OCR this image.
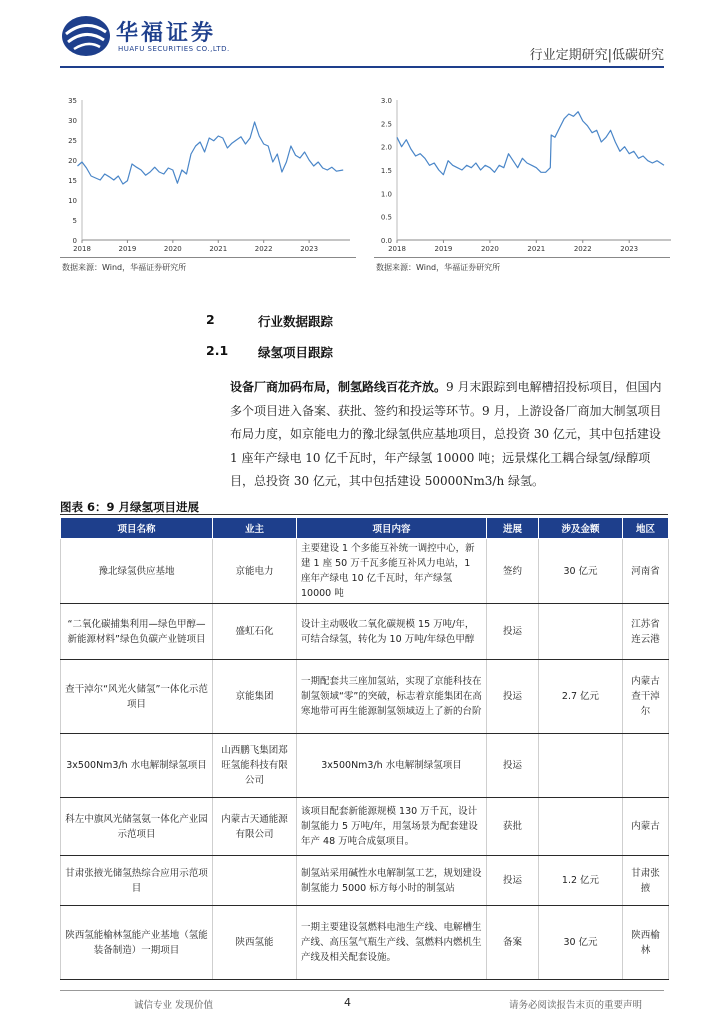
华福证券
HUAFU SECURITIES CO.,LTD.	行业定期研究|低碳研究
0
5
10
15
20
25
30
35
2018	2019	2020	2021	2022	2023
0.0
0.5
1.0
1.5
2.0
2.5
3.0
2018	2019	2020	2021	2022	2023
数据来源：Wind，华福证券研究所	数据来源：Wind，华福证券研究所
2	行业数据跟踪
2.1 绿氢项目跟踪
设备厂商加码布局，制氢路线百花齐放。9 月末跟踪到电解槽招投标项目，但国内多个项目进入备案、获批、签约和投运等环节。9 月，上游设备厂商加大制氢项目布局力度，如京能电力的豫北绿氢供应基地项目，总投资 30 亿元，其中包括建设 1 座年产绿电 10 亿千瓦时，年产绿氢 10000 吨；远景煤化工耦合绿氢/绿醇项目，总投资 30 亿元，其中包括建设 50000Nm3/h 绿氢。
图表 6：9 月绿氢项目进展
项目名称	业主	项目内容	进展	涉及金额	地区
豫北绿氢供应基地	京能电力	主要建设 1 个多能互补统一调控中心，新建 1 座 50 万千瓦多能互补风力电站，1 座年产绿电 10 亿千瓦时，年产绿氢 10000 吨	签约	30 亿元	河南省
“二氧化碳捕集利用—绿色甲醇—新能源材料”绿色负碳产业链项目	盛虹石化	设计主动吸收二氧化碳规模 15 万吨/年，可结合绿氢，转化为 10 万吨/年绿色甲醇	投运		江苏省连云港
查干淖尔“风光火储氢”一体化示范项目	京能集团	一期配套共三座加氢站，实现了京能科技在制氢领域“零”的突破，标志着京能集团在高寒地带可再生能源制氢领域迈上了新的台阶	投运	2.7 亿元	内蒙古查干淖尔
3x500Nm3/h 水电解制绿氢项目	山西鹏飞集团郑旺氢能科技有限公司	3x500Nm3/h 水电解制绿氢项目	投运		
科左中旗风光储氢氨一体化产业园示范项目	内蒙古天通能源有限公司	该项目配套新能源规模 130 万千瓦，设计制氢能力 5 万吨/年，用氢场景为配套建设年产 48 万吨合成氨项目。	获批		内蒙古
甘肃张掖光储氢热综合应用示范项目		制氢站采用碱性水电解制氢工艺，规划建设制氢能力 5000 标方每小时的制氢站	投运	1.2 亿元	甘肃张掖
陕西氢能榆林氢能产业基地（氢能装备制造）一期项目	陕西氢能	一期主要建设氢燃料电池生产线、电解槽生产线、高压氢气瓶生产线、氢燃料内燃机生产线及相关配套设施。	备案	30 亿元	陕西榆林
诚信专业 发现价值	4	请务必阅读报告末页的重要声明
